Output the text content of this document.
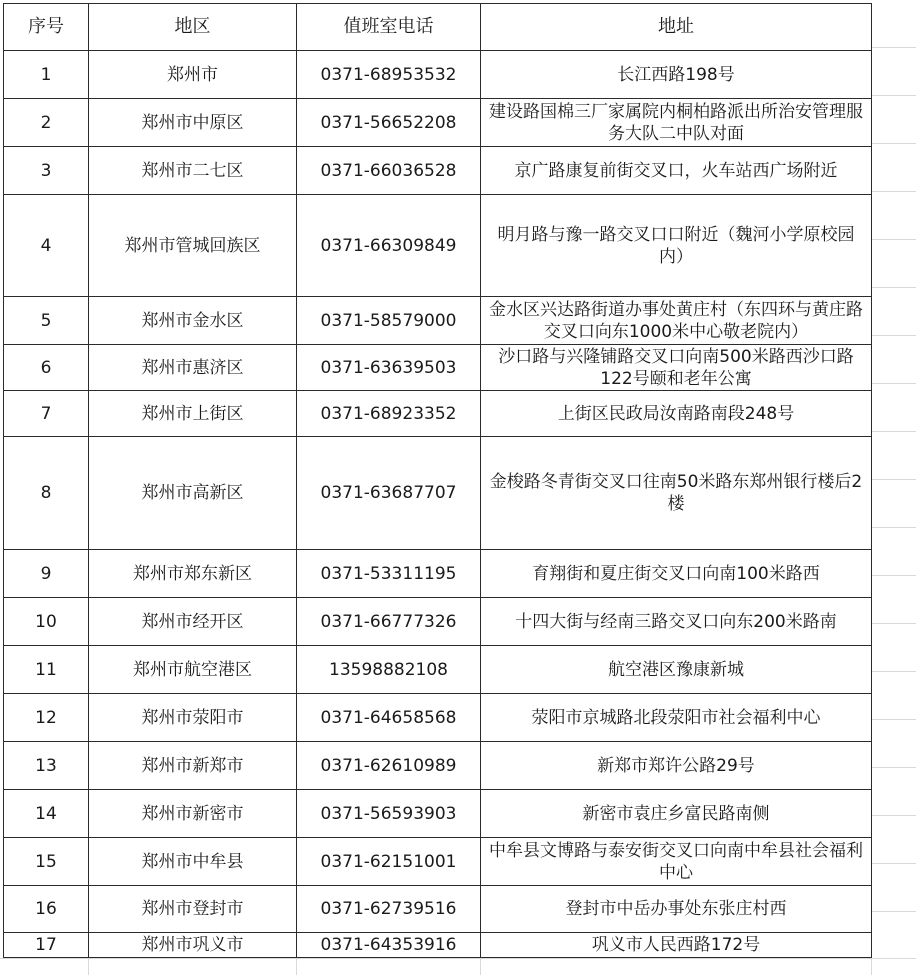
序号	地区	值班室电话	地址
1	郑州市	0371-68953532	长江西路198号
2	郑州市中原区	0371-56652208	建设路国棉三厂家属院内桐柏路派出所治安管理服务大队二中队对面
3	郑州市二七区	0371-66036528	京广路康复前街交叉口，火车站西广场附近
4	郑州市管城回族区	0371-66309849	明月路与豫一路交叉口口附近（魏河小学原校园内）
5	郑州市金水区	0371-58579000	金水区兴达路街道办事处黄庄村（东四环与黄庄路交叉口向东1000米中心敬老院内）
6	郑州市惠济区	0371-63639503	沙口路与兴隆铺路交叉口向南500米路西沙口路122号颐和老年公寓
7	郑州市上街区	0371-68923352	上街区民政局汝南路南段248号
8	郑州市高新区	0371-63687707	金梭路冬青街交叉口往南50米路东郑州银行楼后2楼
9	郑州市郑东新区	0371-53311195	育翔街和夏庄街交叉口向南100米路西
10	郑州市经开区	0371-66777326	十四大街与经南三路交叉口向东200米路南
11	郑州市航空港区	13598882108	航空港区豫康新城
12	郑州市荥阳市	0371-64658568	荥阳市京城路北段荥阳市社会福利中心
13	郑州市新郑市	0371-62610989	新郑市郑许公路29号
14	郑州市新密市	0371-56593903	新密市袁庄乡富民路南侧
15	郑州市中牟县	0371-62151001	中牟县文博路与泰安街交叉口向南中牟县社会福利中心
16	郑州市登封市	0371-62739516	登封市中岳办事处东张庄村西
17	郑州市巩义市	0371-64353916	巩义市人民西路172号
